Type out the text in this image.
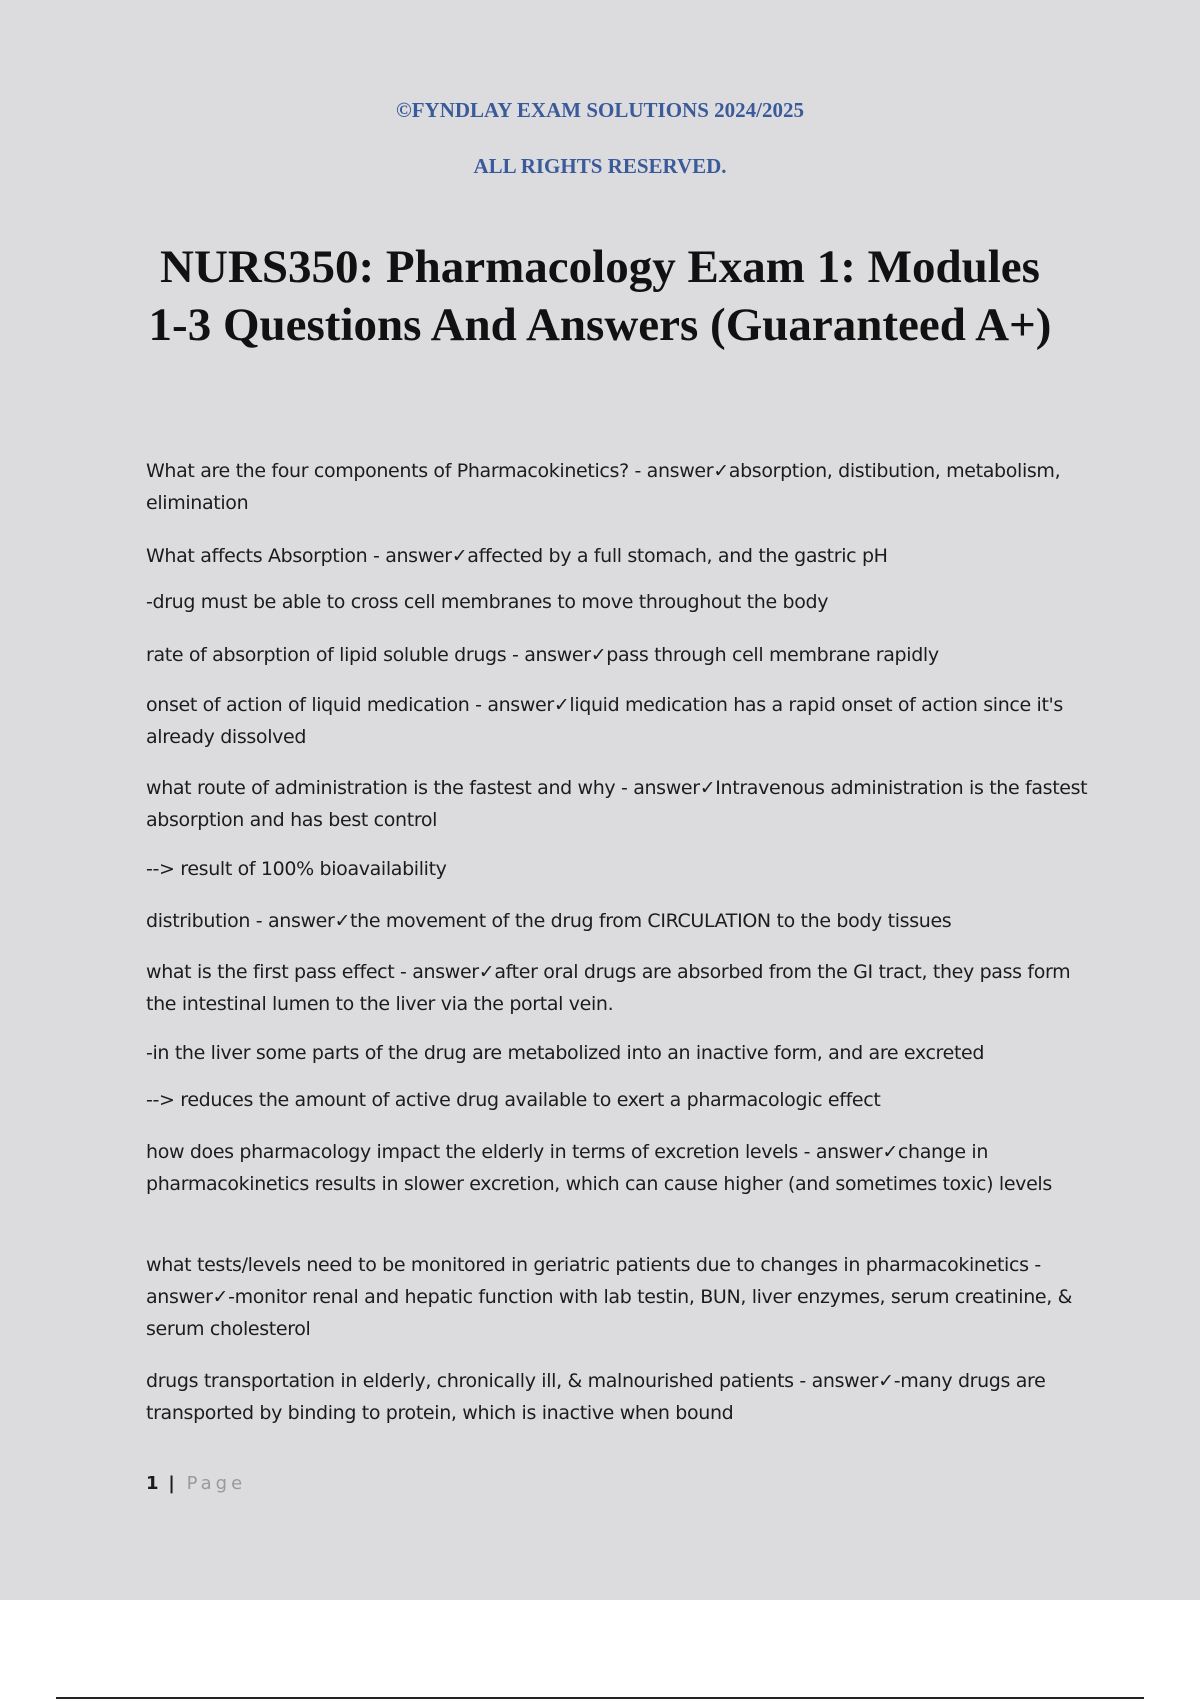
©FYNDLAY EXAM SOLUTIONS 2024/2025

ALL RIGHTS RESERVED.

NURS350: Pharmacology Exam 1: Modules
1-3 Questions And Answers (Guaranteed A+)

What are the four components of Pharmacokinetics? - answer✓absorption, distibution, metabolism, elimination

What affects Absorption - answer✓affected by a full stomach, and the gastric pH

-drug must be able to cross cell membranes to move throughout the body

rate of absorption of lipid soluble drugs - answer✓pass through cell membrane rapidly

onset of action of liquid medication - answer✓liquid medication has a rapid onset of action since it's already dissolved

what route of administration is the fastest and why - answer✓Intravenous administration is the fastest absorption and has best control

--> result of 100% bioavailability

distribution - answer✓the movement of the drug from CIRCULATION to the body tissues

what is the first pass effect - answer✓after oral drugs are absorbed from the GI tract, they pass form the intestinal lumen to the liver via the portal vein.

-in the liver some parts of the drug are metabolized into an inactive form, and are excreted

--> reduces the amount of active drug available to exert a pharmacologic effect

how does pharmacology impact the elderly in terms of excretion levels - answer✓change in pharmacokinetics results in slower excretion, which can cause higher (and sometimes toxic) levels

what tests/levels need to be monitored in geriatric patients due to changes in pharmacokinetics - answer✓-monitor renal and hepatic function with lab testin, BUN, liver enzymes, serum creatinine, & serum cholesterol

drugs transportation in elderly, chronically ill, & malnourished patients - answer✓-many drugs are transported by binding to protein, which is inactive when bound

1 | Page
